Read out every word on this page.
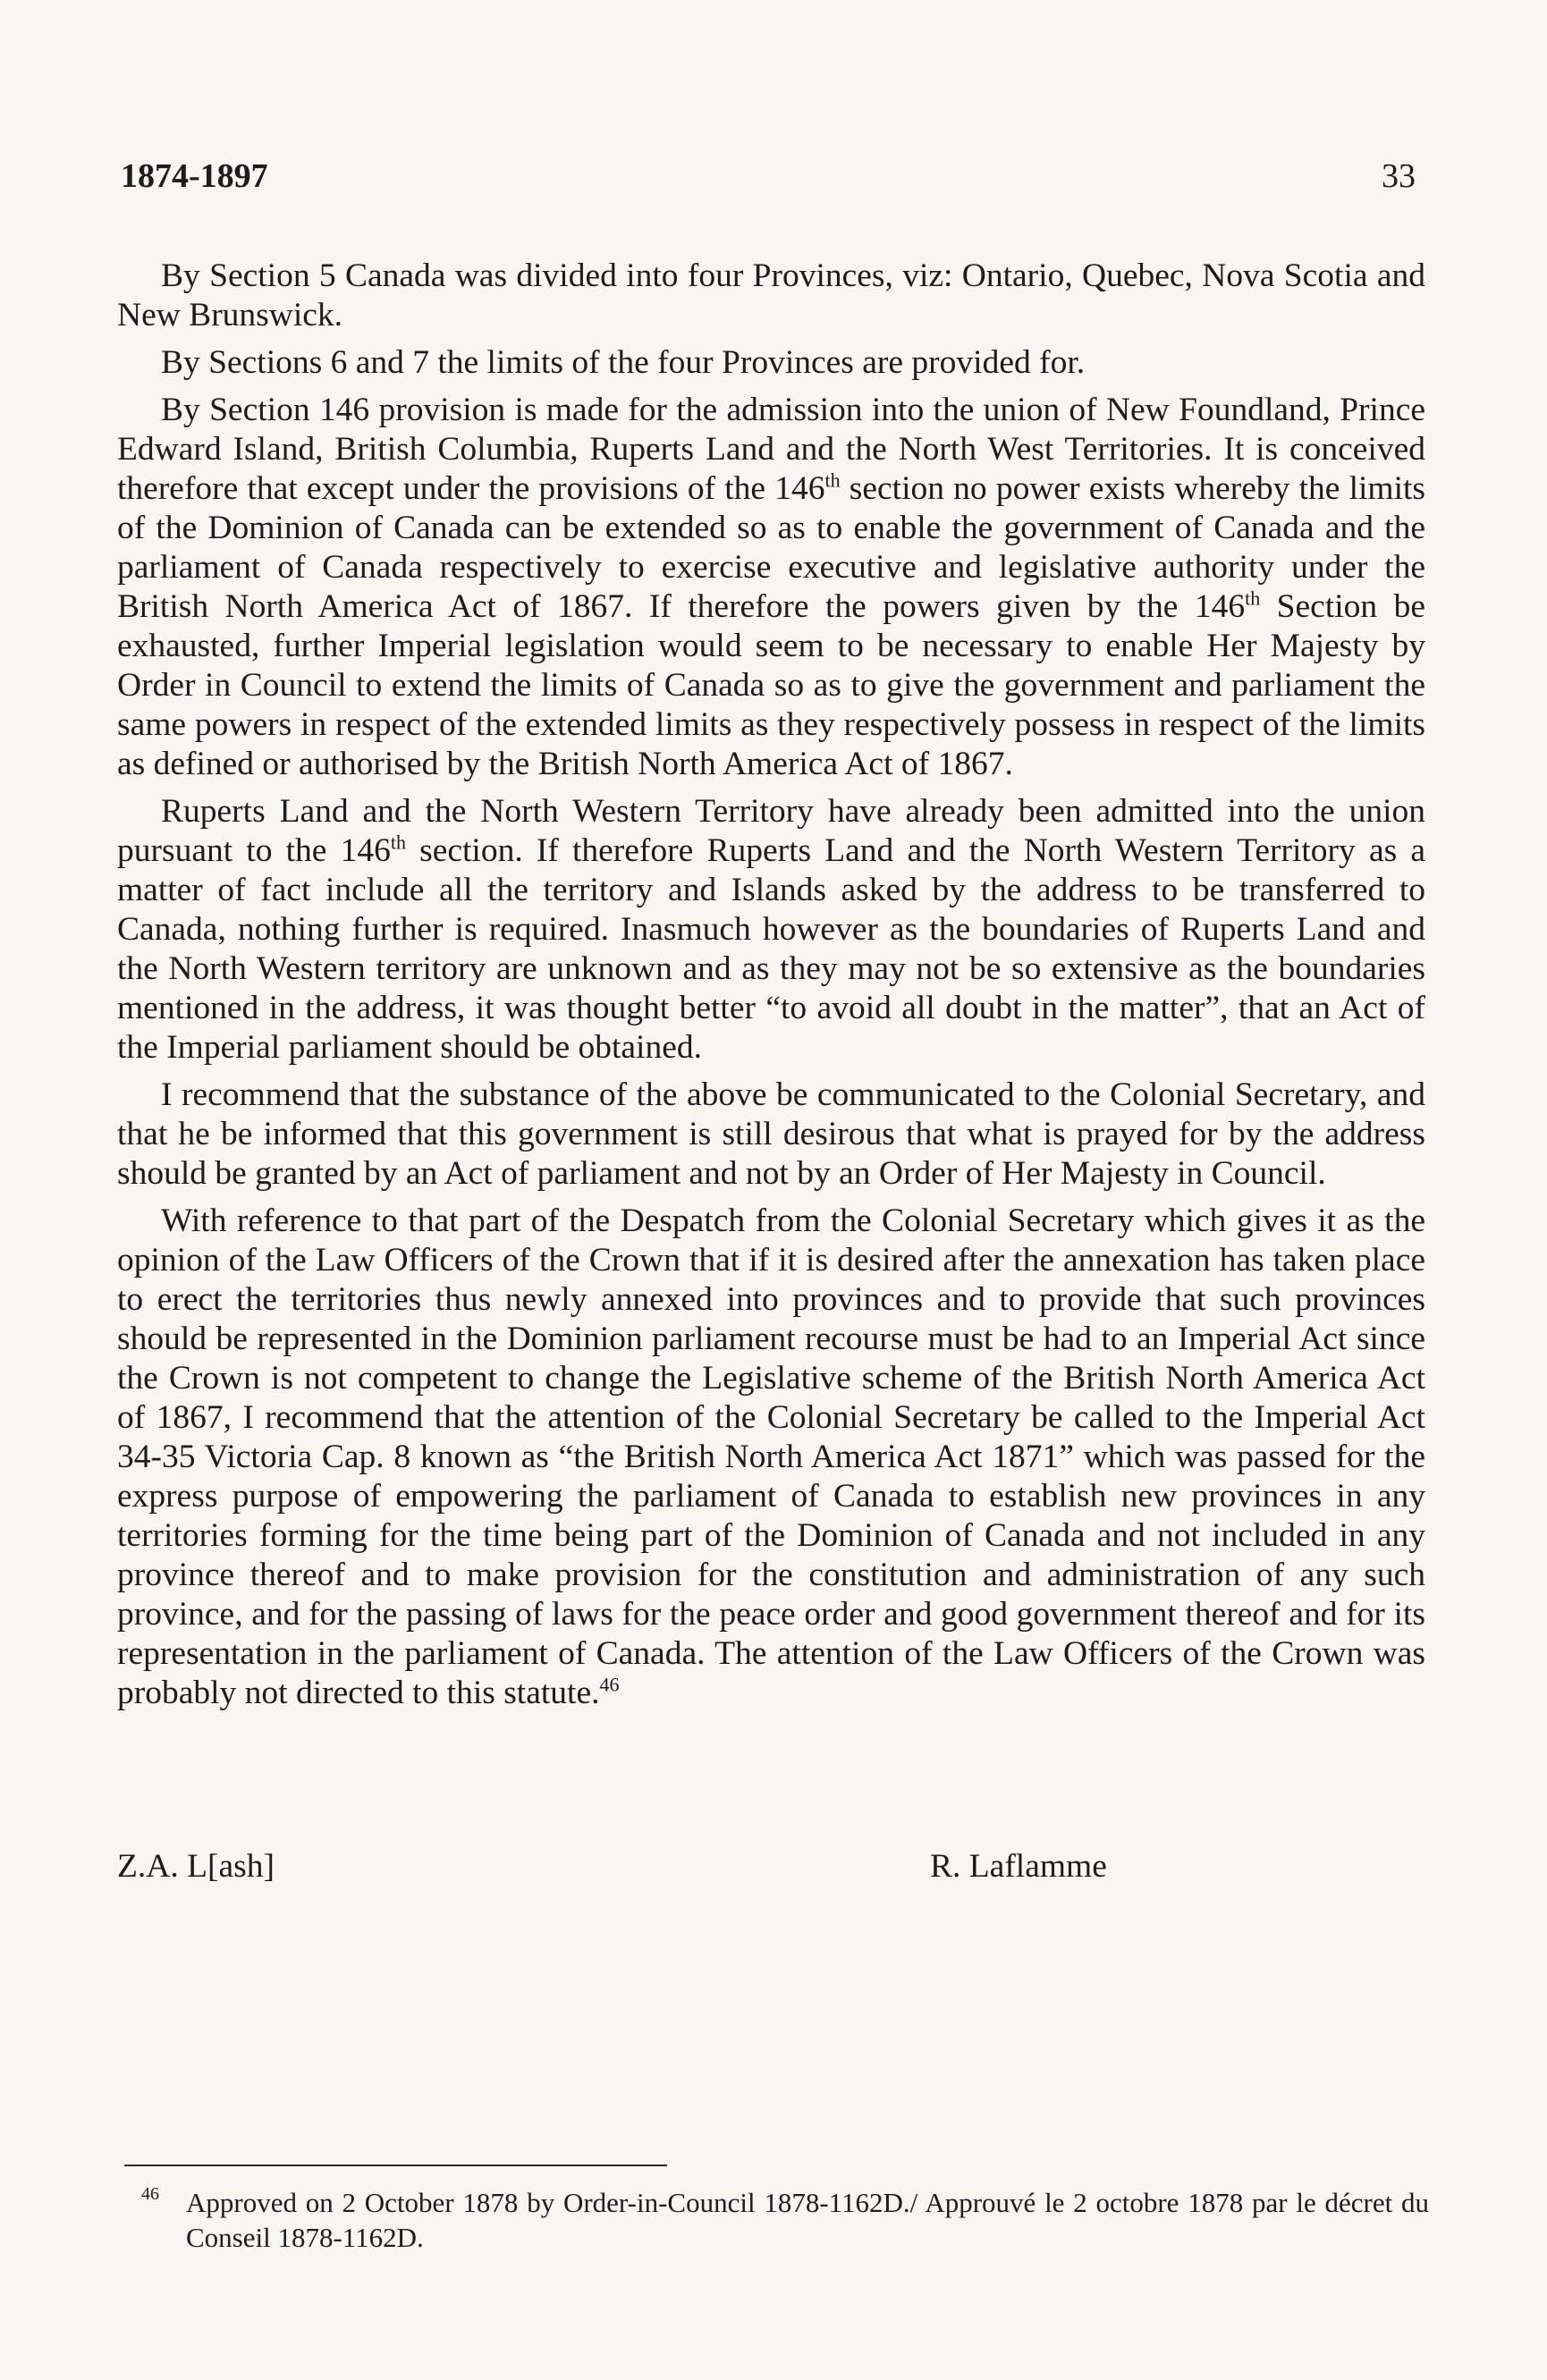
1874-1897	33

By Section 5 Canada was divided into four Provinces, viz: Ontario, Quebec, Nova Scotia and New Brunswick.

By Sections 6 and 7 the limits of the four Provinces are provided for.

By Section 146 provision is made for the admission into the union of New Foundland, Prince Edward Island, British Columbia, Ruperts Land and the North West Territories. It is conceived therefore that except under the provisions of the 146th section no power exists whereby the limits of the Dominion of Canada can be extended so as to enable the government of Canada and the parliament of Canada respectively to exercise executive and legislative authority under the British North America Act of 1867. If therefore the powers given by the 146th Section be exhausted, further Imperial legislation would seem to be necessary to enable Her Majesty by Order in Council to extend the limits of Canada so as to give the government and parliament the same powers in respect of the extended limits as they respectively possess in respect of the limits as defined or authorised by the British North America Act of 1867.

Ruperts Land and the North Western Territory have already been admitted into the union pursuant to the 146th section. If therefore Ruperts Land and the North Western Territory as a matter of fact include all the territory and Islands asked by the address to be transferred to Canada, nothing further is required. Inasmuch however as the boundaries of Ruperts Land and the North Western territory are unknown and as they may not be so extensive as the boundaries mentioned in the address, it was thought better “to avoid all doubt in the matter”, that an Act of the Imperial parliament should be obtained.

I recommend that the substance of the above be communicated to the Colonial Secretary, and that he be informed that this government is still desirous that what is prayed for by the address should be granted by an Act of parliament and not by an Order of Her Majesty in Council.

With reference to that part of the Despatch from the Colonial Secretary which gives it as the opinion of the Law Officers of the Crown that if it is desired after the annexation has taken place to erect the territories thus newly annexed into provinces and to provide that such provinces should be represented in the Dominion parliament recourse must be had to an Imperial Act since the Crown is not competent to change the Legislative scheme of the British North America Act of 1867, I recommend that the attention of the Colonial Secretary be called to the Imperial Act 34-35 Victoria Cap. 8 known as “the British North America Act 1871” which was passed for the express purpose of empowering the parliament of Canada to establish new provinces in any territories forming for the time being part of the Dominion of Canada and not included in any province thereof and to make provision for the constitution and administration of any such province, and for the passing of laws for the peace order and good government thereof and for its representation in the parliament of Canada. The attention of the Law Officers of the Crown was probably not directed to this statute.$^{46}$

Z.A. L[ash]	R. Laflamme
46 Approved on 2 October 1878 by Order-in-Council 1878-1162D./ Approuvé le 2 octobre 1878 par le décret du Conseil 1878-1162D.
